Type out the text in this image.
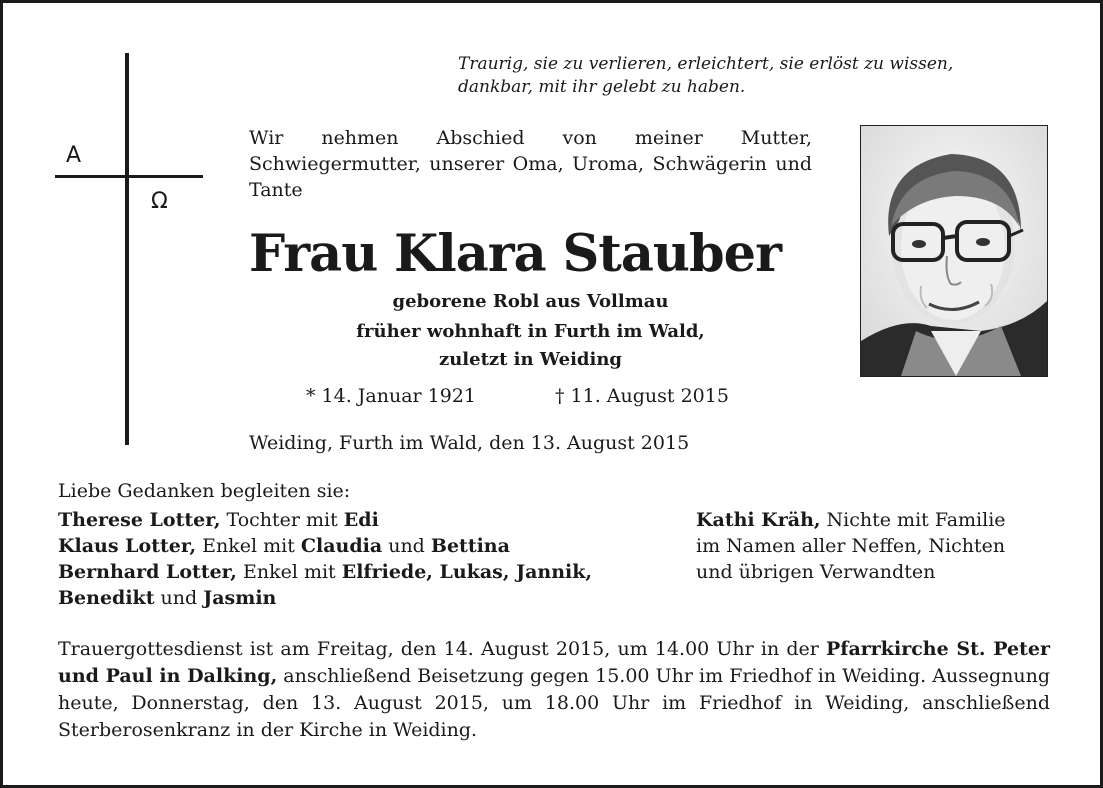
A
Ω
Traurig, sie zu verlieren, erleichtert, sie erlöst zu wissen,
dankbar, mit ihr gelebt zu haben.
Wir nehmen Abschied von meiner Mutter, Schwiegermutter, unserer Oma, Uroma, Schwägerin und Tante
Frau Klara Stauber
geborene Robl aus Vollmau
früher wohnhaft in Furth im Wald,
zuletzt in Weiding
* 14. Januar 1921	† 11. August 2015
Weiding, Furth im Wald, den 13. August 2015
Liebe Gedanken begleiten sie:
Therese Lotter, Tochter mit Edi
Klaus Lotter, Enkel mit Claudia und Bettina
Bernhard Lotter, Enkel mit Elfriede, Lukas, Jannik,
Benedikt und Jasmin
Kathi Kräh, Nichte mit Familie
im Namen aller Neffen, Nichten
und übrigen Verwandten
Trauergottesdienst ist am Freitag, den 14. August 2015, um 14.00 Uhr in der Pfarrkirche St. Peter und Paul in Dalking, anschließend Beisetzung gegen 15.00 Uhr im Friedhof in Weiding. Aussegnung heute, Donnerstag, den 13. August 2015, um 18.00 Uhr im Friedhof in Weiding, anschließend Sterberosenkranz in der Kirche in Weiding.
